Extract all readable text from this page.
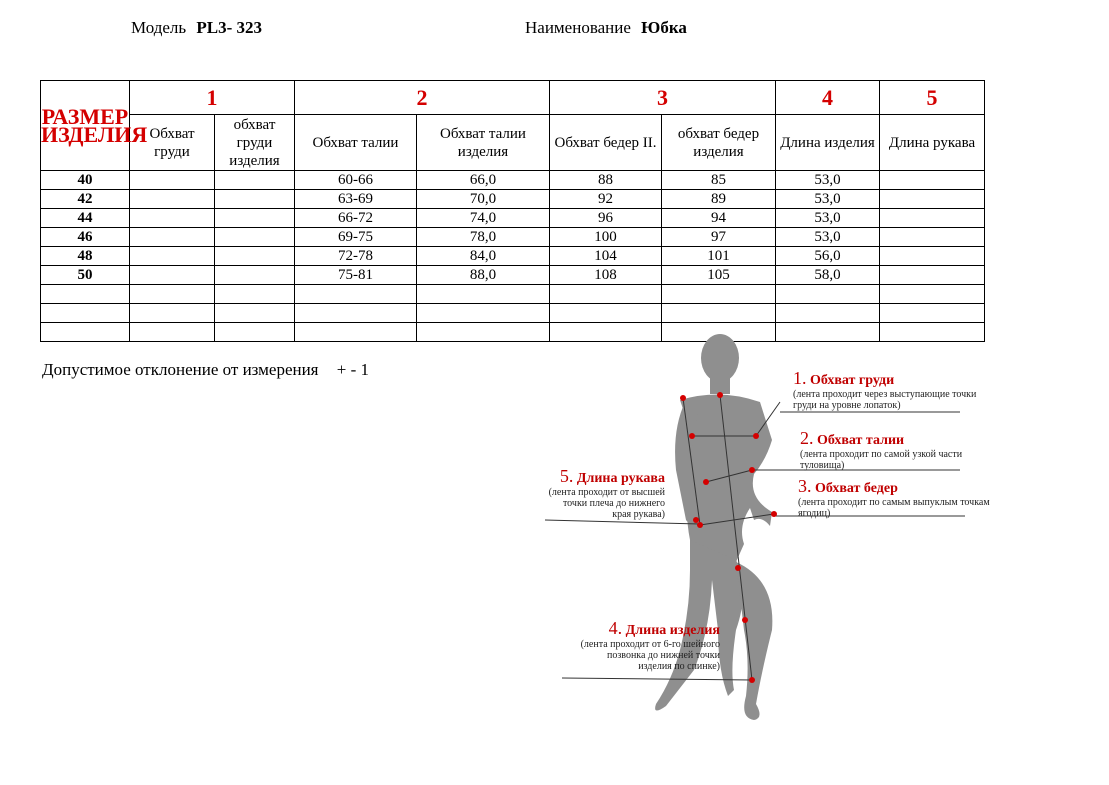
Модель PL3- 323	Наименование Юбка
РАЗМЕР ИЗДЕЛИЯ	1		2		3		4	5
	Обхват груди	обхват груди изделия	Обхват талии	Обхват талии изделия	Обхват бедер II.	обхват бедер изделия	Длина изделия	Длина рукава
40			60-66	66,0	88	85	53,0	
42			63-69	70,0	92	89	53,0	
44			66-72	74,0	96	94	53,0	
46			69-75	78,0	100	97	53,0	
48			72-78	84,0	104	101	56,0	
50			75-81	88,0	108	105	58,0	

Допустимое отклонение от измерения + - 1	1. Обхват груди
(лента проходит через выступающие точки груди на уровне лопаток)
2. Обхват талии
(лента проходит по самой узкой части туловища)
3. Обхват бедер
(лента проходит по самым выпуклым точкам ягодиц)
4. Длина изделия
(лента проходит от 6-го шейного позвонка до нижней точки изделия по спинке)
5. Длина рукава
(лента проходит от высшей точки плеча до нижнего края рукава)
